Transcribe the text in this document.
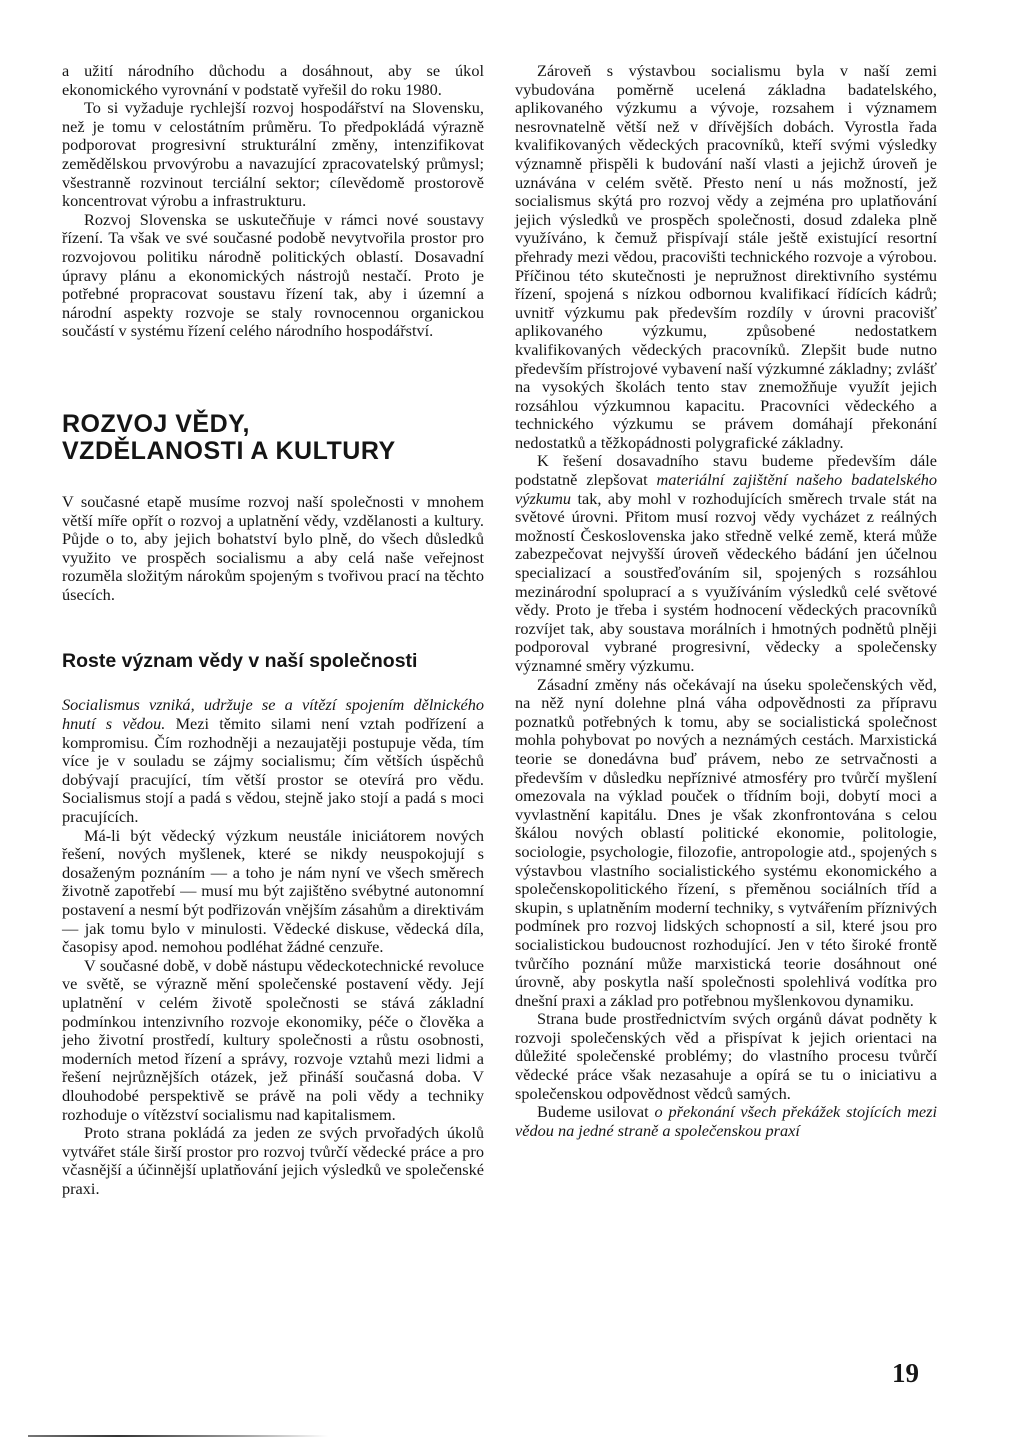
a užití národního důchodu a dosáhnout, aby se úkol ekonomického vyrovnání v podstatě vyřešil do roku 1980.

To si vyžaduje rychlejší rozvoj hospodářství na Slovensku, než je tomu v celostátním průměru. To předpokládá výrazně podporovat progresivní strukturální změny, intenzifikovat zemědělskou prvovýrobu a navazující zpracovatelský průmysl; všestranně rozvinout terciální sektor; cílevědomě prostorově koncentrovat výrobu a infrastrukturu.

Rozvoj Slovenska se uskutečňuje v rámci nové soustavy řízení. Ta však ve své současné podobě nevytvořila prostor pro rozvojovou politiku národně politických oblastí. Dosavadní úpravy plánu a ekonomických nástrojů nestačí. Proto je potřebné propracovat soustavu řízení tak, aby i územní a národní aspekty rozvoje se staly rovnocennou organickou součástí v systému řízení celého národního hospodářství.

ROZVOJ VĚDY,
VZDĚLANOSTI A KULTURY

V současné etapě musíme rozvoj naší společnosti v mnohem větší míře opřít o rozvoj a uplatnění vědy, vzdělanosti a kultury. Půjde o to, aby jejich bohatství bylo plně, do všech důsledků využito ve prospěch socialismu a aby celá naše veřejnost rozuměla složitým nárokům spojeným s tvořivou prací na těchto úsecích.

Roste význam vědy v naší společnosti

Socialismus vzniká, udržuje se a vítězí spojením dělnického hnutí s vědou. Mezi těmito silami není vztah podřízení a kompromisu. Čím rozhodněji a nezaujatěji postupuje věda, tím více je v souladu se zájmy socialismu; čím větších úspěchů dobývají pracující, tím větší prostor se otevírá pro vědu. Socialismus stojí a padá s vědou, stejně jako stojí a padá s moci pracujících.

Má-li být vědecký výzkum neustále iniciátorem nových řešení, nových myšlenek, které se nikdy neuspokojují s dosaženým poznáním — a toho je nám nyní ve všech směrech životně zapotřebí — musí mu být zajištěno svébytné autonomní postavení a nesmí být podřizován vnějším zásahům a direktivám — jak tomu bylo v minulosti. Vědecké diskuse, vědecká díla, časopisy apod. nemohou podléhat žádné cenzuře.

V současné době, v době nástupu vědeckotechnické revoluce ve světě, se výrazně mění společenské postavení vědy. Její uplatnění v celém životě společnosti se stává základní podmínkou intenzivního rozvoje ekonomiky, péče o člověka a jeho životní prostředí, kultury společnosti a růstu osobnosti, moderních metod řízení a správy, rozvoje vztahů mezi lidmi a řešení nejrůznějších otázek, jež přináší současná doba. V dlouhodobé perspektivě se právě na poli vědy a techniky rozhoduje o vítězství socialismu nad kapitalismem.

Proto strana pokládá za jeden ze svých prvořadých úkolů vytvářet stále širší prostor pro rozvoj tvůrčí vědecké práce a pro včasnější a účinnější uplatňování jejich výsledků ve společenské praxi.

Zároveň s výstavbou socialismu byla v naší zemi vybudována poměrně ucelená základna badatelského, aplikovaného výzkumu a vývoje, rozsahem i významem nesrovnatelně větší než v dřívějších dobách. Vyrostla řada kvalifikovaných vědeckých pracovníků, kteří svými výsledky významně přispěli k budování naší vlasti a jejichž úroveň je uznávána v celém světě. Přesto není u nás možností, jež socialismus skýtá pro rozvoj vědy a zejména pro uplatňování jejich výsledků ve prospěch společnosti, dosud zdaleka plně využíváno, k čemuž přispívají stále ještě existující resortní přehrady mezi vědou, pracovišti technického rozvoje a výrobou. Příčinou této skutečnosti je nepružnost direktivního systému řízení, spojená s nízkou odbornou kvalifikací řídících kádrů; uvnitř výzkumu pak především rozdíly v úrovni pracovišť aplikovaného výzkumu, způsobené nedostatkem kvalifikovaných vědeckých pracovníků. Zlepšit bude nutno především přístrojové vybavení naší výzkumné základny; zvlášť na vysokých školách tento stav znemožňuje využít jejich rozsáhlou výzkumnou kapacitu. Pracovníci vědeckého a technického výzkumu se právem domáhají překonání nedostatků a těžkopádnosti polygrafické základny.

K řešení dosavadního stavu budeme především dále podstatně zlepšovat materiální zajištění našeho badatelského výzkumu tak, aby mohl v rozhodujících směrech trvale stát na světové úrovni. Přitom musí rozvoj vědy vycházet z reálných možností Československa jako středně velké země, která může zabezpečovat nejvyšší úroveň vědeckého bádání jen účelnou specializací a soustřeďováním sil, spojených s rozsáhlou mezinárodní spoluprací a s využíváním výsledků celé světové vědy. Proto je třeba i systém hodnocení vědeckých pracovníků rozvíjet tak, aby soustava morálních i hmotných podnětů plněji podporoval vybrané progresivní, vědecky a společensky významné směry výzkumu.

Zásadní změny nás očekávají na úseku společenských věd, na něž nyní dolehne plná váha odpovědnosti za přípravu poznatků potřebných k tomu, aby se socialistická společnost mohla pohybovat po nových a neznámých cestách. Marxistická teorie se donedávna buď právem, nebo ze setrvačnosti a především v důsledku nepříznivé atmosféry pro tvůrčí myšlení omezovala na výklad pouček o třídním boji, dobytí moci a vyvlastnění kapitálu. Dnes je však zkonfrontována s celou škálou nových oblastí politické ekonomie, politologie, sociologie, psychologie, filozofie, antropologie atd., spojených s výstavbou vlastního socialistického systému ekonomického a společenskopolitického řízení, s přeměnou sociálních tříd a skupin, s uplatněním moderní techniky, s vytvářením příznivých podmínek pro rozvoj lidských schopností a sil, které jsou pro socialistickou budoucnost rozhodující. Jen v této široké frontě tvůrčího poznání může marxistická teorie dosáhnout oné úrovně, aby poskytla naší společnosti spolehlivá vodítka pro dnešní praxi a základ pro potřebnou myšlenkovou dynamiku.

Strana bude prostřednictvím svých orgánů dávat podněty k rozvoji společenských věd a přispívat k jejich orientaci na důležité společenské problémy; do vlastního procesu tvůrčí vědecké práce však nezasahuje a opírá se tu o iniciativu a společenskou odpovědnost vědců samých.

Budeme usilovat o překonání všech překážek stojících mezi vědou na jedné straně a společenskou praxí

19
